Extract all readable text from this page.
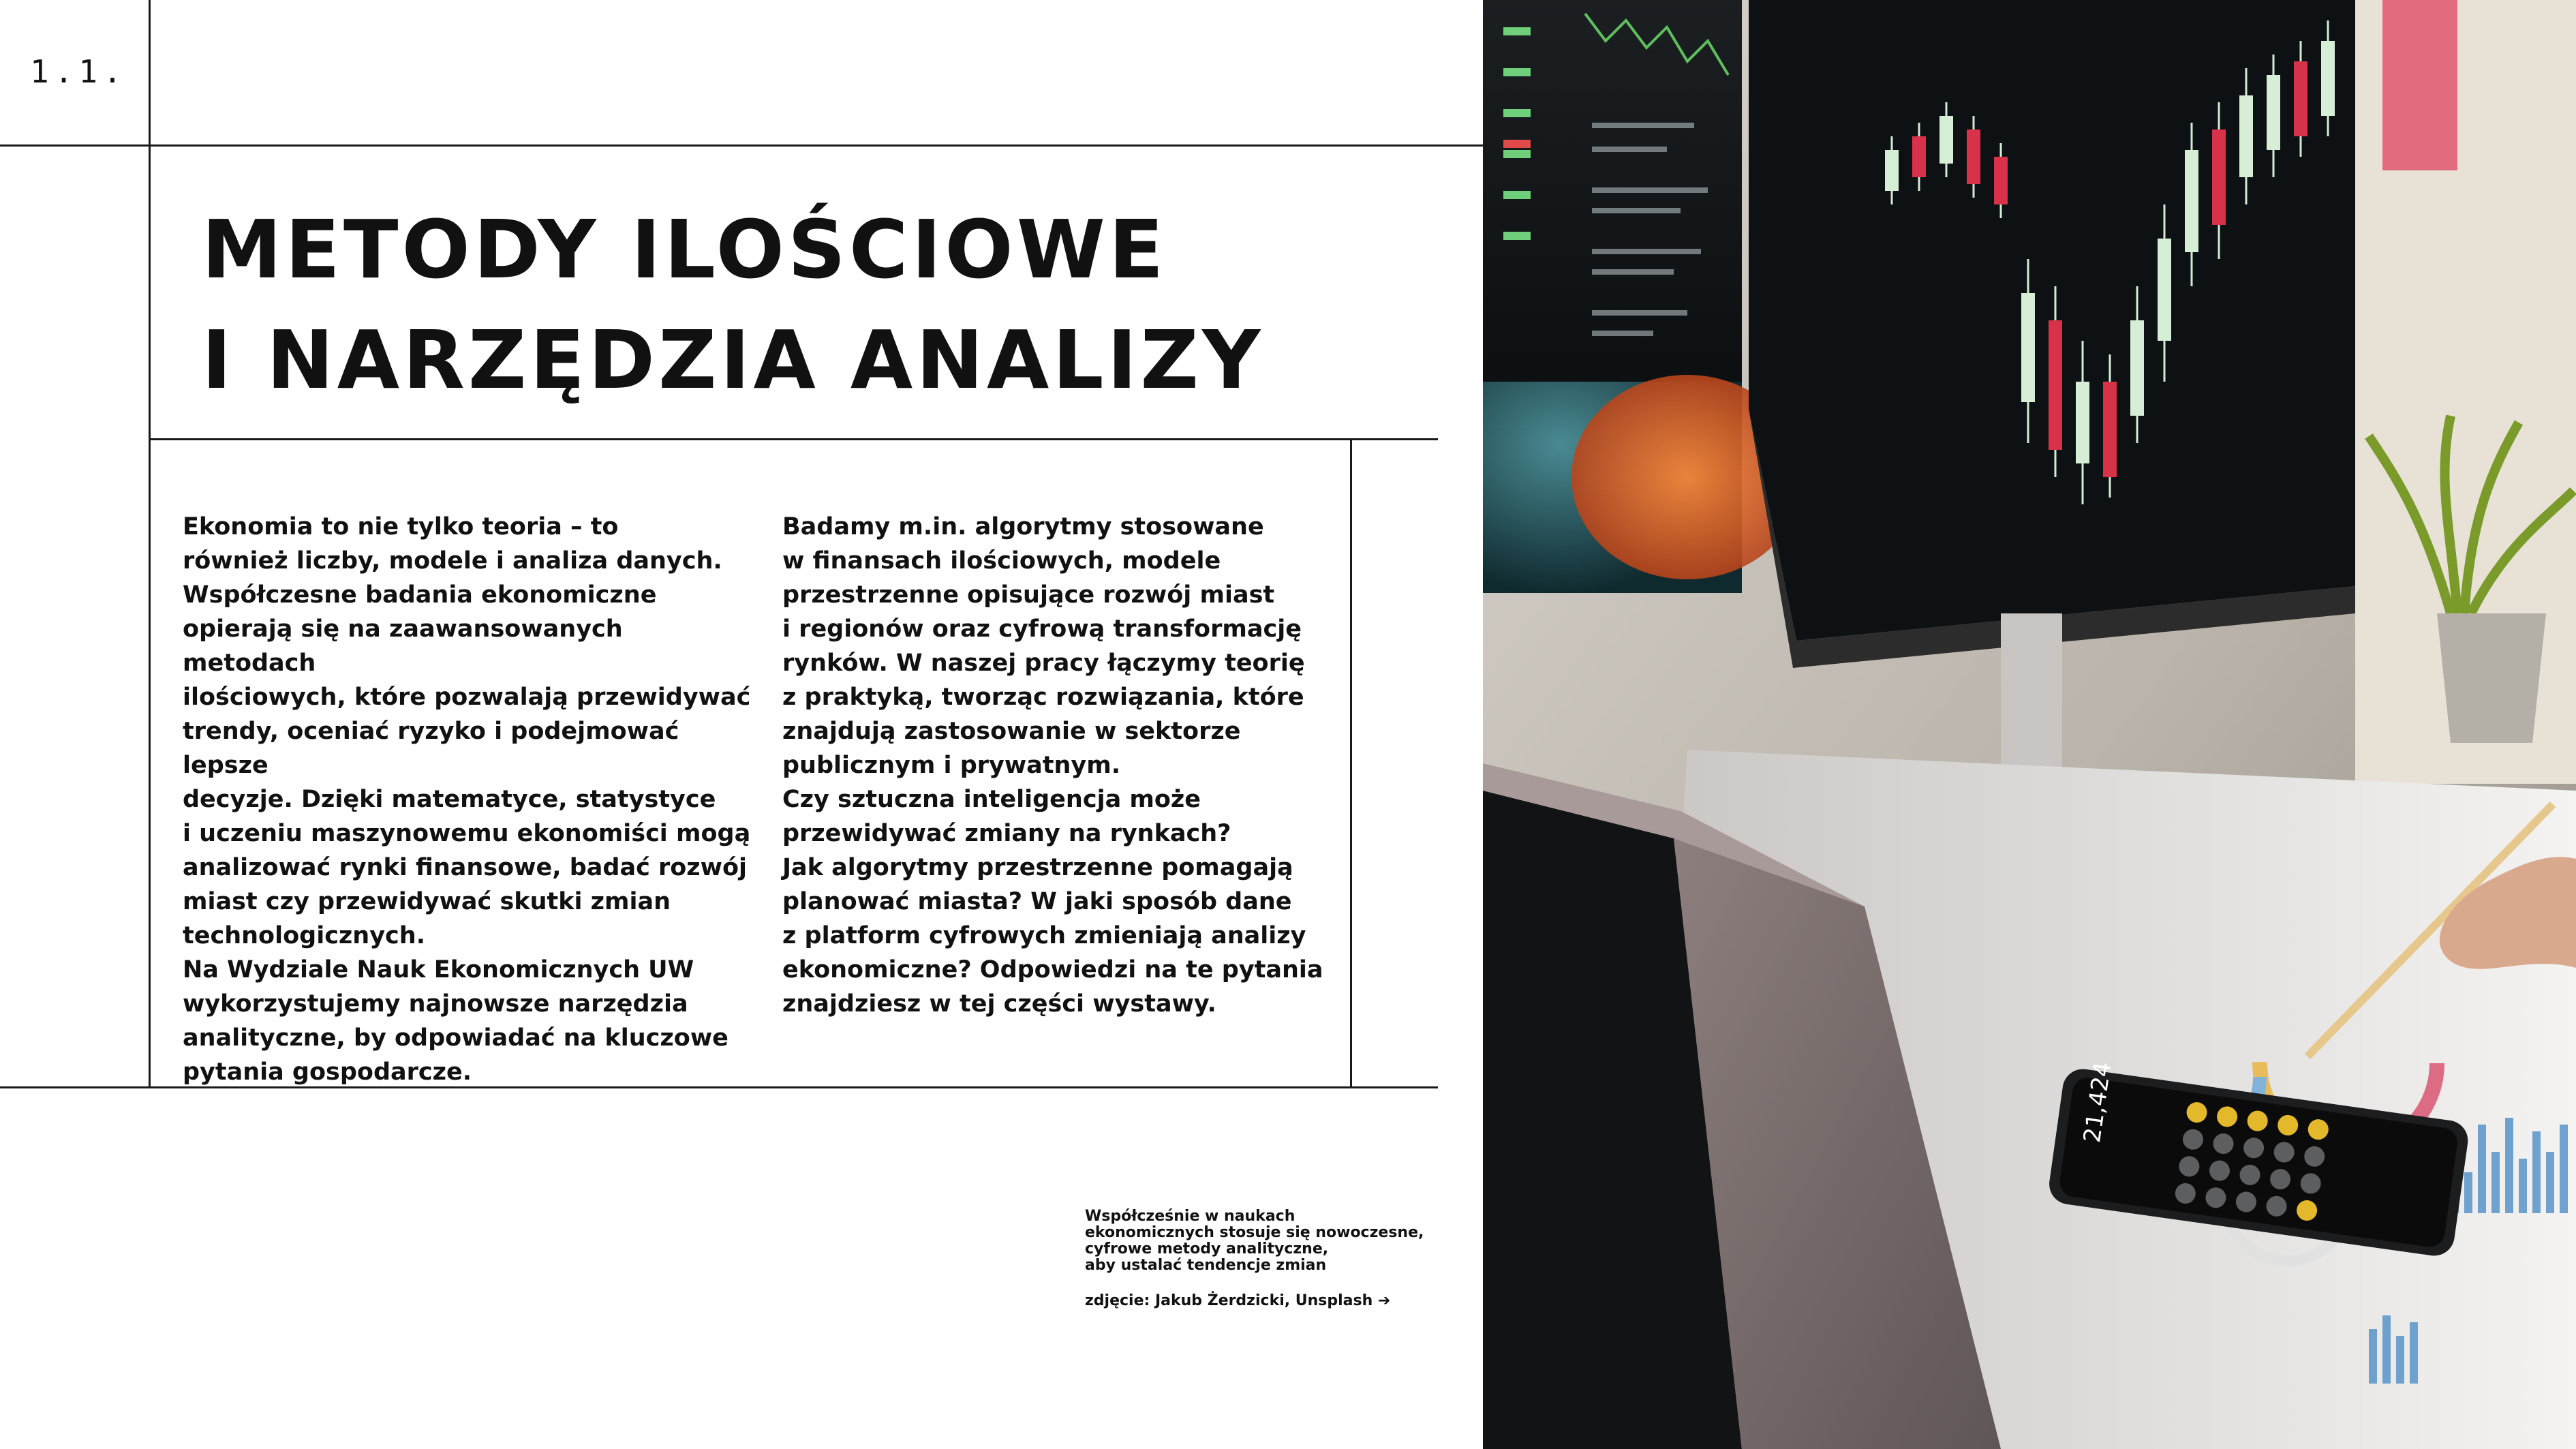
1.1.
METODY ILOŚCIOWE
I NARZĘDZIA ANALIZY

Ekonomia to nie tylko teoria – to
również liczby, modele i analiza danych.
Współczesne badania ekonomiczne
opierają się na zaawansowanych metodach
ilościowych, które pozwalają przewidywać
trendy, oceniać ryzyko i podejmować lepsze
decyzje. Dzięki matematyce, statystyce
i uczeniu maszynowemu ekonomiści mogą
analizować rynki finansowe, badać rozwój
miast czy przewidywać skutki zmian
technologicznych.
Na Wydziale Nauk Ekonomicznych UW
wykorzystujemy najnowsze narzędzia
analityczne, by odpowiadać na kluczowe
pytania gospodarcze.

Badamy m.in. algorytmy stosowane
w finansach ilościowych, modele
przestrzenne opisujące rozwój miast
i regionów oraz cyfrową transformację
rynków. W naszej pracy łączymy teorię
z praktyką, tworząc rozwiązania, które
znajdują zastosowanie w sektorze
publicznym i prywatnym.
Czy sztuczna inteligencja może
przewidywać zmiany na rynkach?
Jak algorytmy przestrzenne pomagają
planować miasta? W jaki sposób dane
z platform cyfrowych zmieniają analizy
ekonomiczne? Odpowiedzi na te pytania
znajdziesz w tej części wystawy.

Współcześnie w naukach
ekonomicznych stosuje się nowoczesne,
cyfrowe metody analityczne,
aby ustalać tendencje zmian

zdjęcie: Jakub Żerdzicki, Unsplash ➔

21,424
